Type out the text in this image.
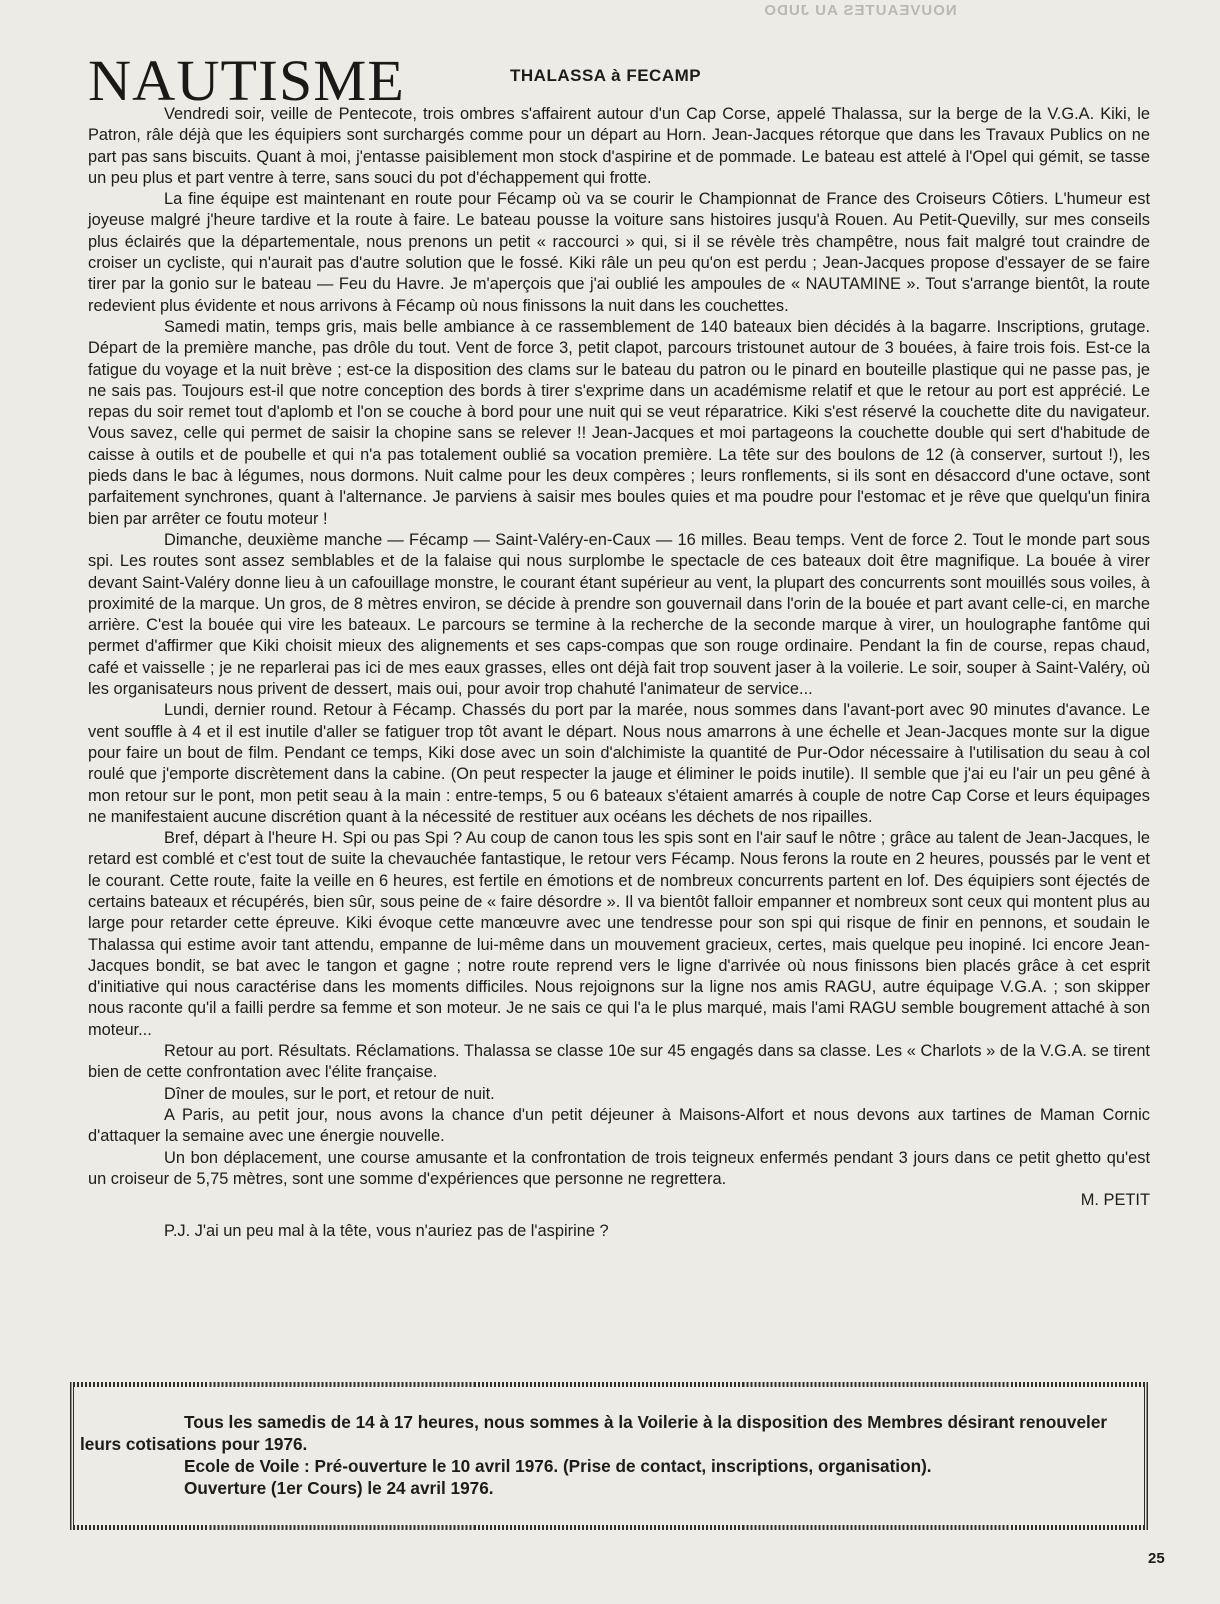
NOUVEAUTES AU JUDO
NAUTISME	THALASSA à FECAMP

Vendredi soir, veille de Pentecote, trois ombres s'affairent autour d'un Cap Corse, appelé Thalassa, sur la berge de la V.G.A. Kiki, le Patron, râle déjà que les équipiers sont surchargés comme pour un départ au Horn. Jean-Jacques rétorque que dans les Travaux Publics on ne part pas sans biscuits. Quant à moi, j'entasse paisiblement mon stock d'aspirine et de pommade. Le bateau est attelé à l'Opel qui gémit, se tasse un peu plus et part ventre à terre, sans souci du pot d'échappement qui frotte.

La fine équipe est maintenant en route pour Fécamp où va se courir le Championnat de France des Croiseurs Côtiers. L'humeur est joyeuse malgré j'heure tardive et la route à faire. Le bateau pousse la voiture sans histoires jusqu'à Rouen. Au Petit-Quevilly, sur mes conseils plus éclairés que la départementale, nous prenons un petit « raccourci » qui, si il se révèle très champêtre, nous fait malgré tout craindre de croiser un cycliste, qui n'aurait pas d'autre solution que le fossé. Kiki râle un peu qu'on est perdu ; Jean-Jacques propose d'essayer de se faire tirer par la gonio sur le bateau — Feu du Havre. Je m'aperçois que j'ai oublié les ampoules de « NAUTAMINE ». Tout s'arrange bientôt, la route redevient plus évidente et nous arrivons à Fécamp où nous finissons la nuit dans les couchettes.

Samedi matin, temps gris, mais belle ambiance à ce rassemblement de 140 bateaux bien décidés à la bagarre. Inscriptions, grutage. Départ de la première manche, pas drôle du tout. Vent de force 3, petit clapot, parcours tristounet autour de 3 bouées, à faire trois fois. Est-ce la fatigue du voyage et la nuit brève ; est-ce la disposition des clams sur le bateau du patron ou le pinard en bouteille plastique qui ne passe pas, je ne sais pas. Toujours est-il que notre conception des bords à tirer s'exprime dans un académisme relatif et que le retour au port est apprécié. Le repas du soir remet tout d'aplomb et l'on se couche à bord pour une nuit qui se veut réparatrice. Kiki s'est réservé la couchette dite du navigateur. Vous savez, celle qui permet de saisir la chopine sans se relever !! Jean-Jacques et moi partageons la couchette double qui sert d'habitude de caisse à outils et de poubelle et qui n'a pas totalement oublié sa vocation première. La tête sur des boulons de 12 (à conserver, surtout !), les pieds dans le bac à légumes, nous dormons. Nuit calme pour les deux compères ; leurs ronflements, si ils sont en désaccord d'une octave, sont parfaitement synchrones, quant à l'alternance. Je parviens à saisir mes boules quies et ma poudre pour l'estomac et je rêve que quelqu'un finira bien par arrêter ce foutu moteur !

Dimanche, deuxième manche — Fécamp — Saint-Valéry-en-Caux — 16 milles. Beau temps. Vent de force 2. Tout le monde part sous spi. Les routes sont assez semblables et de la falaise qui nous surplombe le spectacle de ces bateaux doit être magnifique. La bouée à virer devant Saint-Valéry donne lieu à un cafouillage monstre, le courant étant supérieur au vent, la plupart des concurrents sont mouillés sous voiles, à proximité de la marque. Un gros, de 8 mètres environ, se décide à prendre son gouvernail dans l'orin de la bouée et part avant celle-ci, en marche arrière. C'est la bouée qui vire les bateaux. Le parcours se termine à la recherche de la seconde marque à virer, un houlographe fantôme qui permet d'affirmer que Kiki choisit mieux des alignements et ses caps-compas que son rouge ordinaire. Pendant la fin de course, repas chaud, café et vaisselle ; je ne reparlerai pas ici de mes eaux grasses, elles ont déjà fait trop souvent jaser à la voilerie. Le soir, souper à Saint-Valéry, où les organisateurs nous privent de dessert, mais oui, pour avoir trop chahuté l'animateur de service...

Lundi, dernier round. Retour à Fécamp. Chassés du port par la marée, nous sommes dans l'avant-port avec 90 minutes d'avance. Le vent souffle à 4 et il est inutile d'aller se fatiguer trop tôt avant le départ. Nous nous amarrons à une échelle et Jean-Jacques monte sur la digue pour faire un bout de film. Pendant ce temps, Kiki dose avec un soin d'alchimiste la quantité de Pur-Odor nécessaire à l'utilisation du seau à col roulé que j'emporte discrètement dans la cabine. (On peut respecter la jauge et éliminer le poids inutile). Il semble que j'ai eu l'air un peu gêné à mon retour sur le pont, mon petit seau à la main : entre-temps, 5 ou 6 bateaux s'étaient amarrés à couple de notre Cap Corse et leurs équipages ne manifestaient aucune discrétion quant à la nécessité de restituer aux océans les déchets de nos ripailles.

Bref, départ à l'heure H. Spi ou pas Spi ? Au coup de canon tous les spis sont en l'air sauf le nôtre ; grâce au talent de Jean-Jacques, le retard est comblé et c'est tout de suite la chevauchée fantastique, le retour vers Fécamp. Nous ferons la route en 2 heures, poussés par le vent et le courant. Cette route, faite la veille en 6 heures, est fertile en émotions et de nombreux concurrents partent en lof. Des équipiers sont éjectés de certains bateaux et récupérés, bien sûr, sous peine de « faire désordre ». Il va bientôt falloir empanner et nombreux sont ceux qui montent plus au large pour retarder cette épreuve. Kiki évoque cette manœuvre avec une tendresse pour son spi qui risque de finir en pennons, et soudain le Thalassa qui estime avoir tant attendu, empanne de lui-même dans un mouvement gracieux, certes, mais quelque peu inopiné. Ici encore Jean-Jacques bondit, se bat avec le tangon et gagne ; notre route reprend vers le ligne d'arrivée où nous finissons bien placés grâce à cet esprit d'initiative qui nous caractérise dans les moments difficiles. Nous rejoignons sur la ligne nos amis RAGU, autre équipage V.G.A. ; son skipper nous raconte qu'il a failli perdre sa femme et son moteur. Je ne sais ce qui l'a le plus marqué, mais l'ami RAGU semble bougrement attaché à son moteur...

Retour au port. Résultats. Réclamations. Thalassa se classe 10e sur 45 engagés dans sa classe. Les « Charlots » de la V.G.A. se tirent bien de cette confrontation avec l'élite française.

Dîner de moules, sur le port, et retour de nuit.

A Paris, au petit jour, nous avons la chance d'un petit déjeuner à Maisons-Alfort et nous devons aux tartines de Maman Cornic d'attaquer la semaine avec une énergie nouvelle.

Un bon déplacement, une course amusante et la confrontation de trois teigneux enfermés pendant 3 jours dans ce petit ghetto qu'est un croiseur de 5,75 mètres, sont une somme d'expériences que personne ne regrettera.

M. PETIT

P.J. J'ai un peu mal à la tête, vous n'auriez pas de l'aspirine ?

Tous les samedis de 14 à 17 heures, nous sommes à la Voilerie à la disposition des Membres désirant renouveler leurs cotisations pour 1976.

Ecole de Voile : Pré-ouverture le 10 avril 1976. (Prise de contact, inscriptions, organisation).

Ouverture (1er Cours) le 24 avril 1976.

25
